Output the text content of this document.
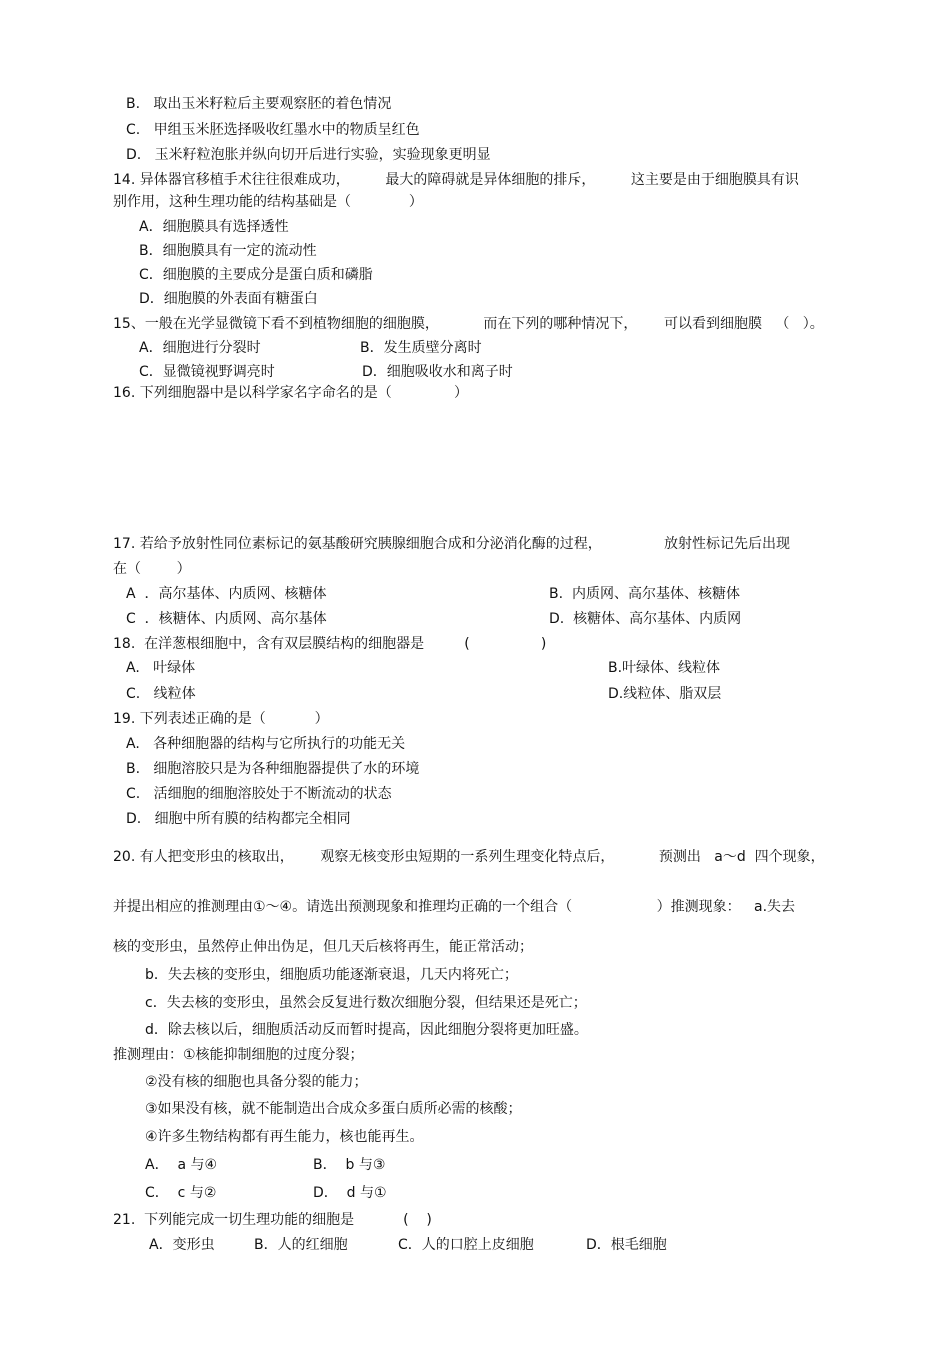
B.   取出玉米籽粒后主要观察胚的着色情况
C.   甲组玉米胚选择吸收红墨水中的物质呈红色
D.   玉米籽粒泡胀并纵向切开后进行实验，实验现象更明显
14. 异体器官移植手术往往很难成功，        最大的障碍就是异体细胞的排斥，        这主要是由于细胞膜具有识
别作用，这种生理功能的结构基础是（             ）
A．细胞膜具有选择透性
B．细胞膜具有一定的流动性
C．细胞膜的主要成分是蛋白质和磷脂
D．细胞膜的外表面有糖蛋白
15、一般在光学显微镜下看不到植物细胞的细胞膜，          而在下列的哪种情况下，      可以看到细胞膜   （   ）。
A．细胞进行分裂时	B．发生质壁分离时
C．显微镜视野调亮时	D．细胞吸收水和离子时
16. 下列细胞器中是以科学家名字命名的是（              ）
17. 若给予放射性同位素标记的氨基酸研究胰腺细胞合成和分泌消化酶的过程，              放射性标记先后出现
在（        ）
A  ．高尔基体、内质网、核糖体	B.  内质网、高尔基体、核糖体
C  ．核糖体、内质网、高尔基体	D.  核糖体、高尔基体、内质网
18.  在洋葱根细胞中，含有双层膜结构的细胞器是         (                )
A.   叶绿体	B.叶绿体、线粒体
C.   线粒体	D.线粒体、脂双层
19. 下列表述正确的是（           ）
A.   各种细胞器的结构与它所执行的功能无关
B.   细胞溶胶只是为各种细胞器提供了水的环境
C.   活细胞的细胞溶胶处于不断流动的状态
D.   细胞中所有膜的结构都完全相同
20. 有人把变形虫的核取出，      观察无核变形虫短期的一系列生理变化特点后，          预测出   a～d  四个现象，
并提出相应的推测理由①～④。请选出预测现象和推理均正确的一个组合（                   ）推测现象：   a.失去
核的变形虫，虽然停止伸出伪足，但几天后核将再生，能正常活动；
b．失去核的变形虫，细胞质功能逐渐衰退，几天内将死亡；
c．失去核的变形虫，虽然会反复进行数次细胞分裂，但结果还是死亡；
d．除去核以后，细胞质活动反而暂时提高，因此细胞分裂将更加旺盛。
推测理由：①核能抑制细胞的过度分裂；
②没有核的细胞也具备分裂的能力；
③如果没有核，就不能制造出合成众多蛋白质所必需的核酸；
④许多生物结构都有再生能力，核也能再生。
A．  a 与④	B．  b 与③
C．  c 与②	D．  d 与①
21.  下列能完成一切生理功能的细胞是           (    )
A．变形虫	B．人的红细胞	C．人的口腔上皮细胞	D．根毛细胞
